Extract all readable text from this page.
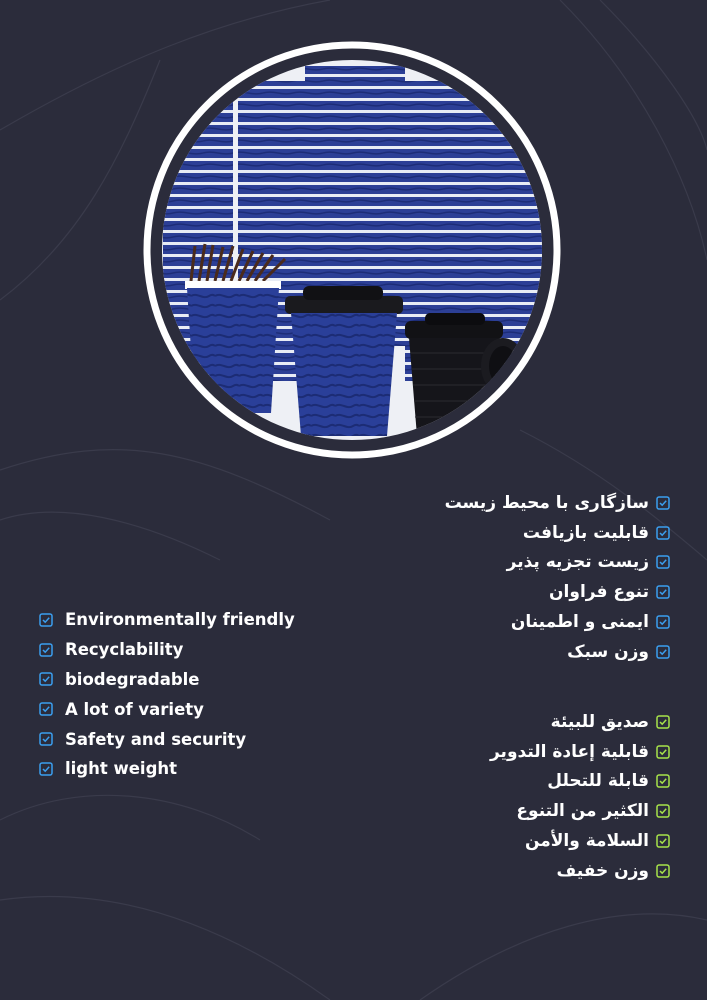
سازگاری با محیط زیست
قابلیت بازیافت
زیست تجزیه پذیر
تنوع فراوان
ایمنی و اطمینان
وزن سبک
Environmentally friendly
Recyclability
biodegradable
A lot of variety
Safety and security
light weight
صديق للبيئة
قابلية إعادة التدوير
قابلة للتحلل
الكثير من التنوع
السلامة والأمن
وزن خفيف
